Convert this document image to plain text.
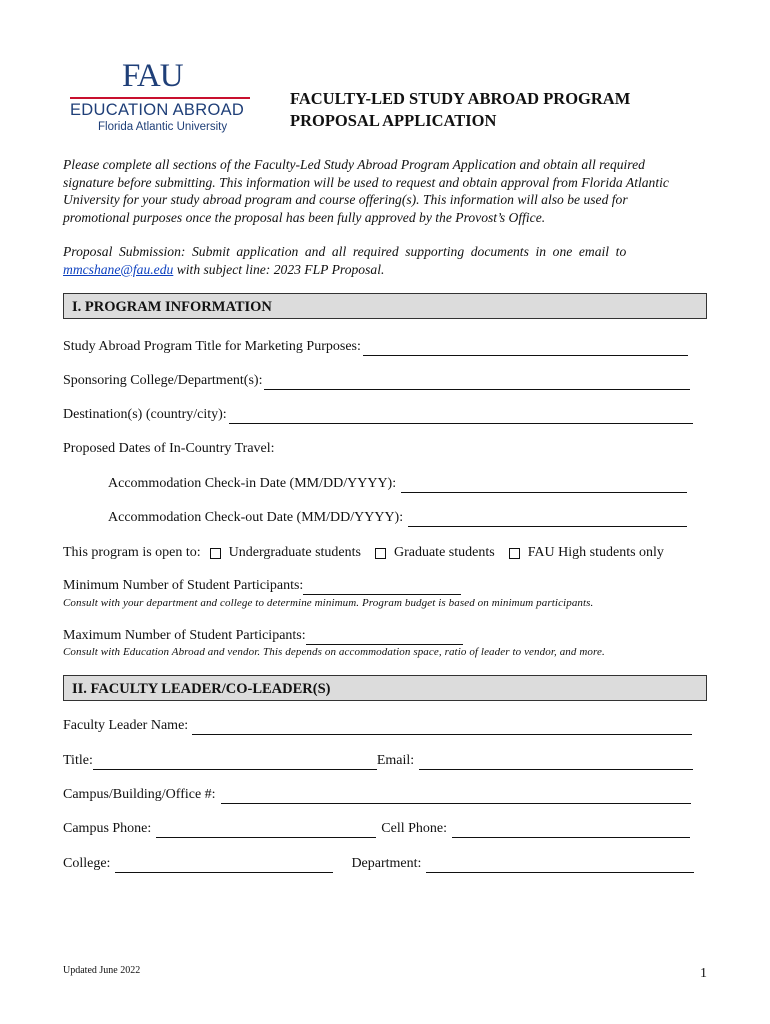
FAU
EDUCATION ABROAD
Florida Atlantic University
FACULTY-LED STUDY ABROAD PROGRAM
PROPOSAL APPLICATION
Please complete all sections of the Faculty-Led Study Abroad Program Application and obtain all required
signature before submitting. This information will be used to request and obtain approval from Florida Atlantic
University for your study abroad program and course offering(s). This information will also be used for
promotional purposes once the proposal has been fully approved by the Provost’s Office.
Proposal Submission: Submit application and all required supporting documents in one email to
mmcshane@fau.edu with subject line: 2023 FLP Proposal.
I. PROGRAM INFORMATION
Study Abroad Program Title for Marketing Purposes:
Sponsoring College/Department(s):
Destination(s) (country/city):
Proposed Dates of In-Country Travel:
Accommodation Check-in Date (MM/DD/YYYY):
Accommodation Check-out Date (MM/DD/YYYY):
This program is open to: Undergraduate students Graduate students FAU High students only
Minimum Number of Student Participants:
Consult with your department and college to determine minimum. Program budget is based on minimum participants.
Maximum Number of Student Participants:
Consult with Education Abroad and vendor. This depends on accommodation space, ratio of leader to vendor, and more.
II. FACULTY LEADER/CO-LEADER(S)
Faculty Leader Name:
Title:	Email:
Campus/Building/Office #:
Campus Phone:	Cell Phone:
College:	Department:
Updated June 2022	1
